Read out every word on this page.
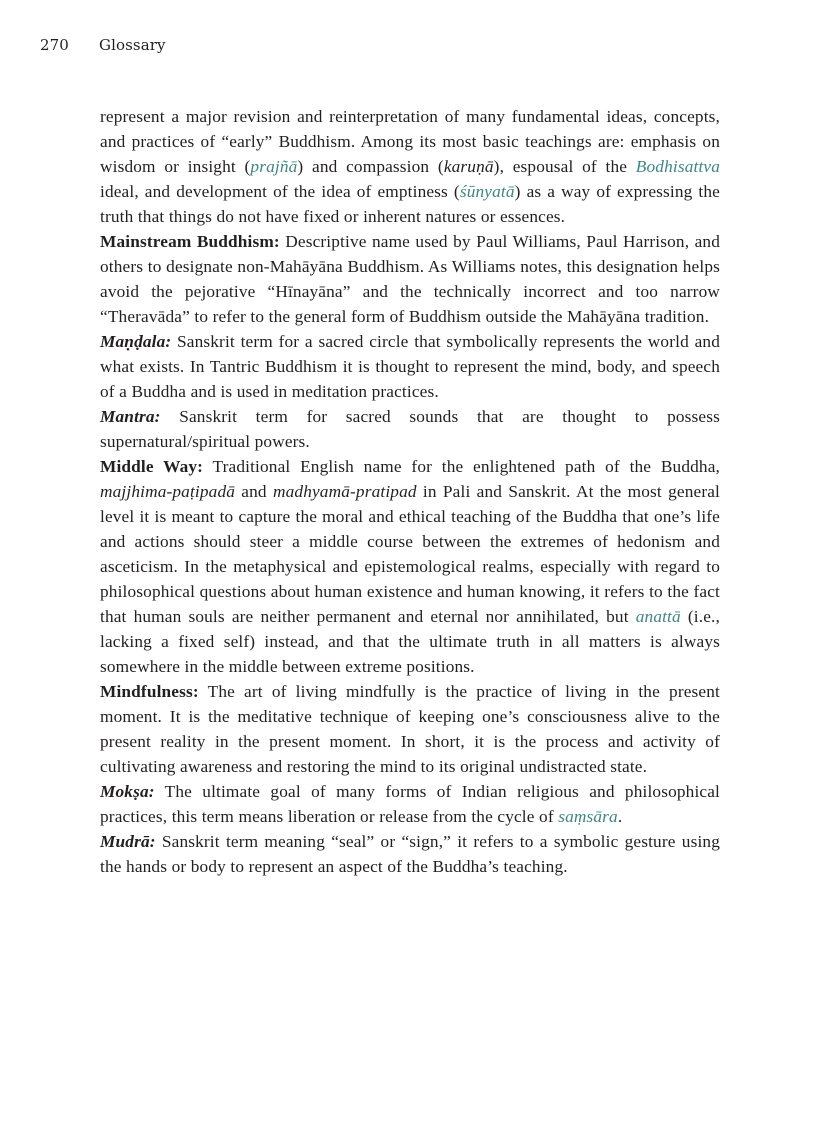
270 Glossary

represent a major revision and reinterpretation of many fundamental ideas, concepts, and practices of “early” Buddhism. Among its most basic teachings are: emphasis on wisdom or insight (prajñā) and compassion (karuṇā), espousal of the Bodhisattva ideal, and development of the idea of emptiness (śūnyatā) as a way of expressing the truth that things do not have fixed or inherent natures or essences.

Mainstream Buddhism: Descriptive name used by Paul Williams, Paul Harrison, and others to designate non-Mahāyāna Buddhism. As Williams notes, this designation helps avoid the pejorative “Hīnayāna” and the technically incorrect and too narrow “Theravāda” to refer to the general form of Buddhism outside the Mahāyāna tradition.

Maṇḍala: Sanskrit term for a sacred circle that symbolically represents the world and what exists. In Tantric Buddhism it is thought to represent the mind, body, and speech of a Buddha and is used in meditation practices.

Mantra: Sanskrit term for sacred sounds that are thought to possess supernatural/spiritual powers.

Middle Way: Traditional English name for the enlightened path of the Buddha, majjhima-paṭipadā and madhyamā-pratipad in Pali and Sanskrit. At the most general level it is meant to capture the moral and ethical teaching of the Buddha that one’s life and actions should steer a middle course between the extremes of hedonism and asceticism. In the metaphysical and epistemological realms, especially with regard to philosophical questions about human existence and human knowing, it refers to the fact that human souls are neither permanent and eternal nor annihilated, but anattā (i.e., lacking a fixed self) instead, and that the ultimate truth in all matters is always somewhere in the middle between extreme positions.

Mindfulness: The art of living mindfully is the practice of living in the present moment. It is the meditative technique of keeping one’s consciousness alive to the present reality in the present moment. In short, it is the process and activity of cultivating awareness and restoring the mind to its original undistracted state.

Mokṣa: The ultimate goal of many forms of Indian religious and philosophical practices, this term means liberation or release from the cycle of saṃsāra.

Mudrā: Sanskrit term meaning “seal” or “sign,” it refers to a symbolic gesture using the hands or body to represent an aspect of the Buddha’s teaching.
